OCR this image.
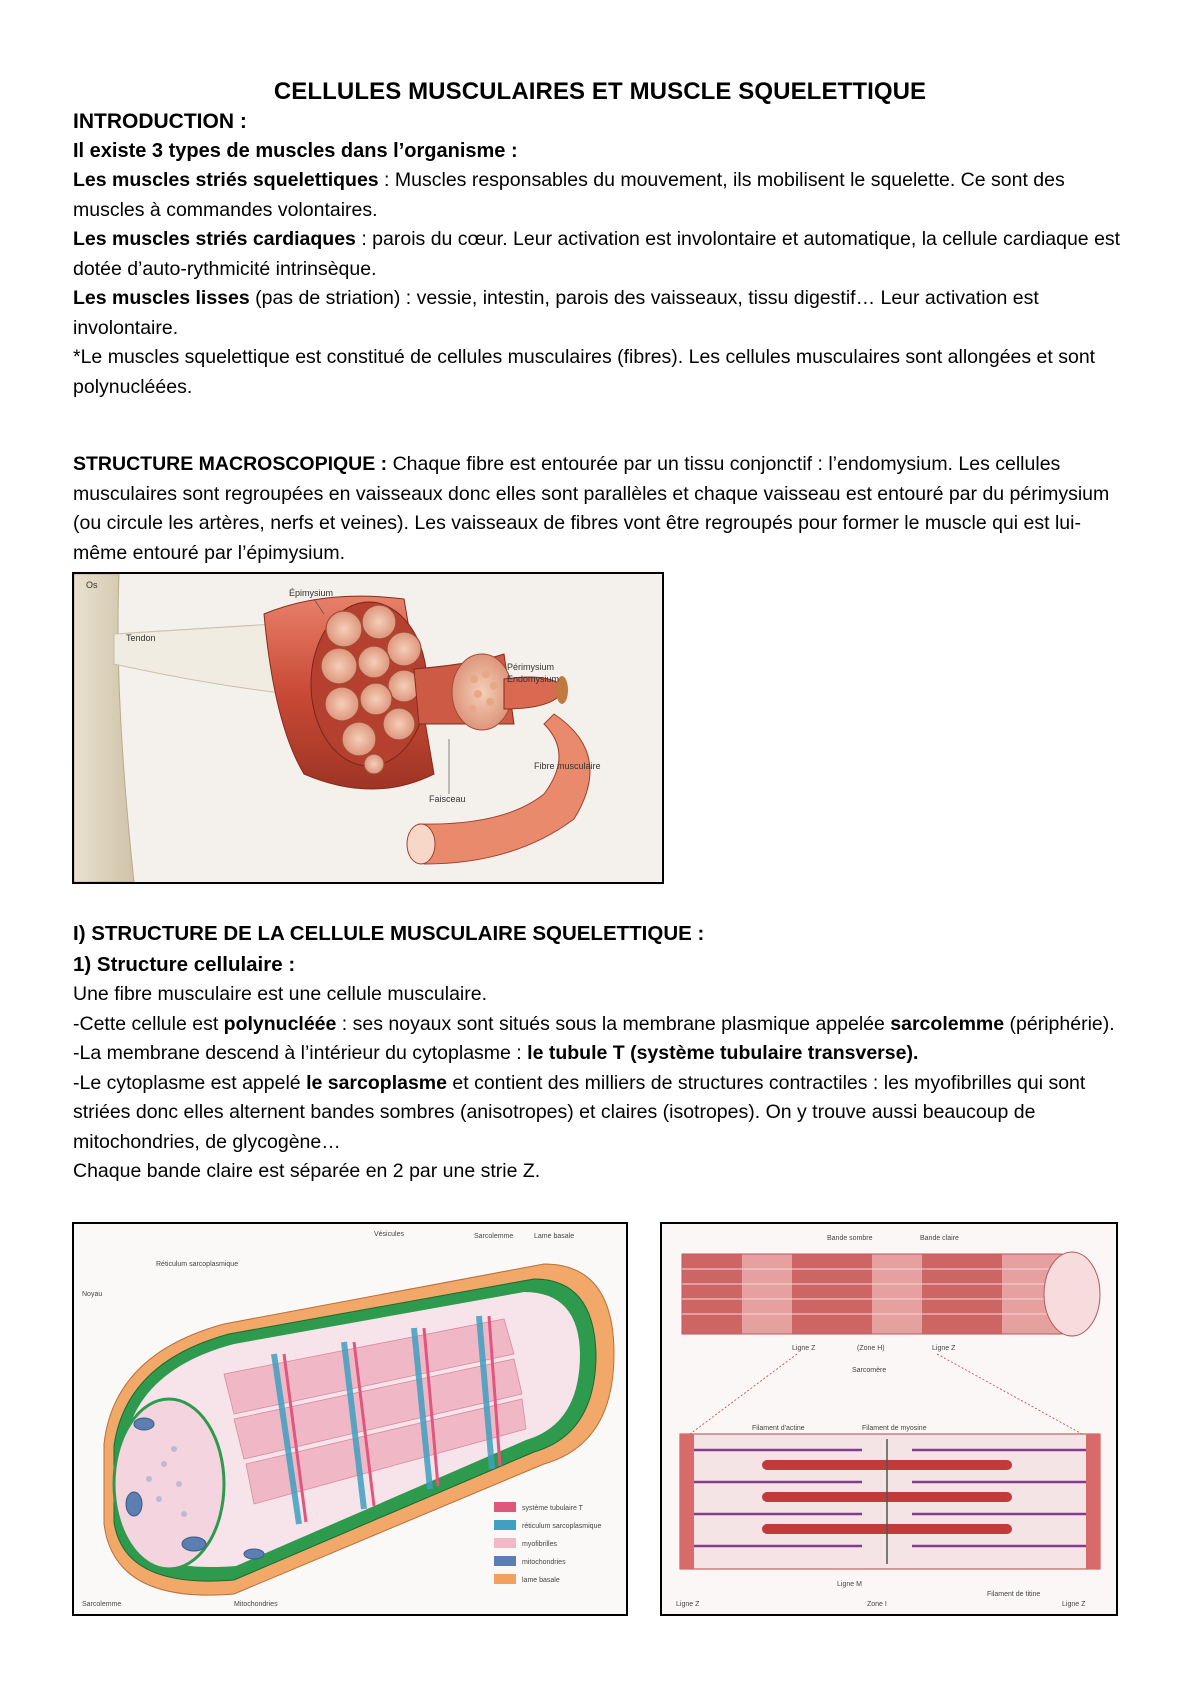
CELLULES MUSCULAIRES ET MUSCLE SQUELETTIQUE

INTRODUCTION :

Il existe 3 types de muscles dans l’organisme :

Les muscles striés squelettiques : Muscles responsables du mouvement, ils mobilisent le squelette. Ce sont des muscles à commandes volontaires.

Les muscles striés cardiaques : parois du cœur. Leur activation est involontaire et automatique, la cellule cardiaque est dotée d’auto-rythmicité intrinsèque.

Les muscles lisses (pas de striation) : vessie, intestin, parois des vaisseaux, tissu digestif… Leur activation est involontaire.

*Le muscles squelettique est constitué de cellules musculaires (fibres). Les cellules musculaires sont allongées et sont polynucléées.

STRUCTURE MACROSCOPIQUE : Chaque fibre est entourée par un tissu conjonctif : l’endomysium. Les cellules musculaires sont regroupées en vaisseaux donc elles sont parallèles et chaque vaisseau est entouré par du périmysium (ou circule les artères, nerfs et veines). Les vaisseaux de fibres vont être regroupés pour former le muscle qui est lui-même entouré par l’épimysium.

Os
Tendon
Épimysium
Périmysium
Endomysium
Faisceau
Fibre musculaire

I) STRUCTURE DE LA CELLULE MUSCULAIRE SQUELETTIQUE :

1) Structure cellulaire :

Une fibre musculaire est une cellule musculaire.

-Cette cellule est polynucléée : ses noyaux sont situés sous la membrane plasmique appelée sarcolemme (périphérie).

-La membrane descend à l’intérieur du cytoplasme : le tubule T (système tubulaire transverse).

-Le cytoplasme est appelé le sarcoplasme et contient des milliers de structures contractiles : les myofibrilles qui sont striées donc elles alternent bandes sombres (anisotropes) et claires (isotropes). On y trouve aussi beaucoup de mitochondries, de glycogène…

Chaque bande claire est séparée en 2 par une strie Z.

Noyau
Réticulum sarcoplasmique
Vésicules	Sarcolemme	Lame basale
Sarcolemme	Mitochondries
système tubulaire T
réticulum sarcoplasmique
myofibrilles
mitochondries
lame basale
Bande sombre	Bande claire
Ligne Z	(Zone H)	Ligne Z
Sarcomère
Filament d'actine	Filament de myosine
Ligne Z
Ligne M
Zone I
Filament de titine
Ligne Z
